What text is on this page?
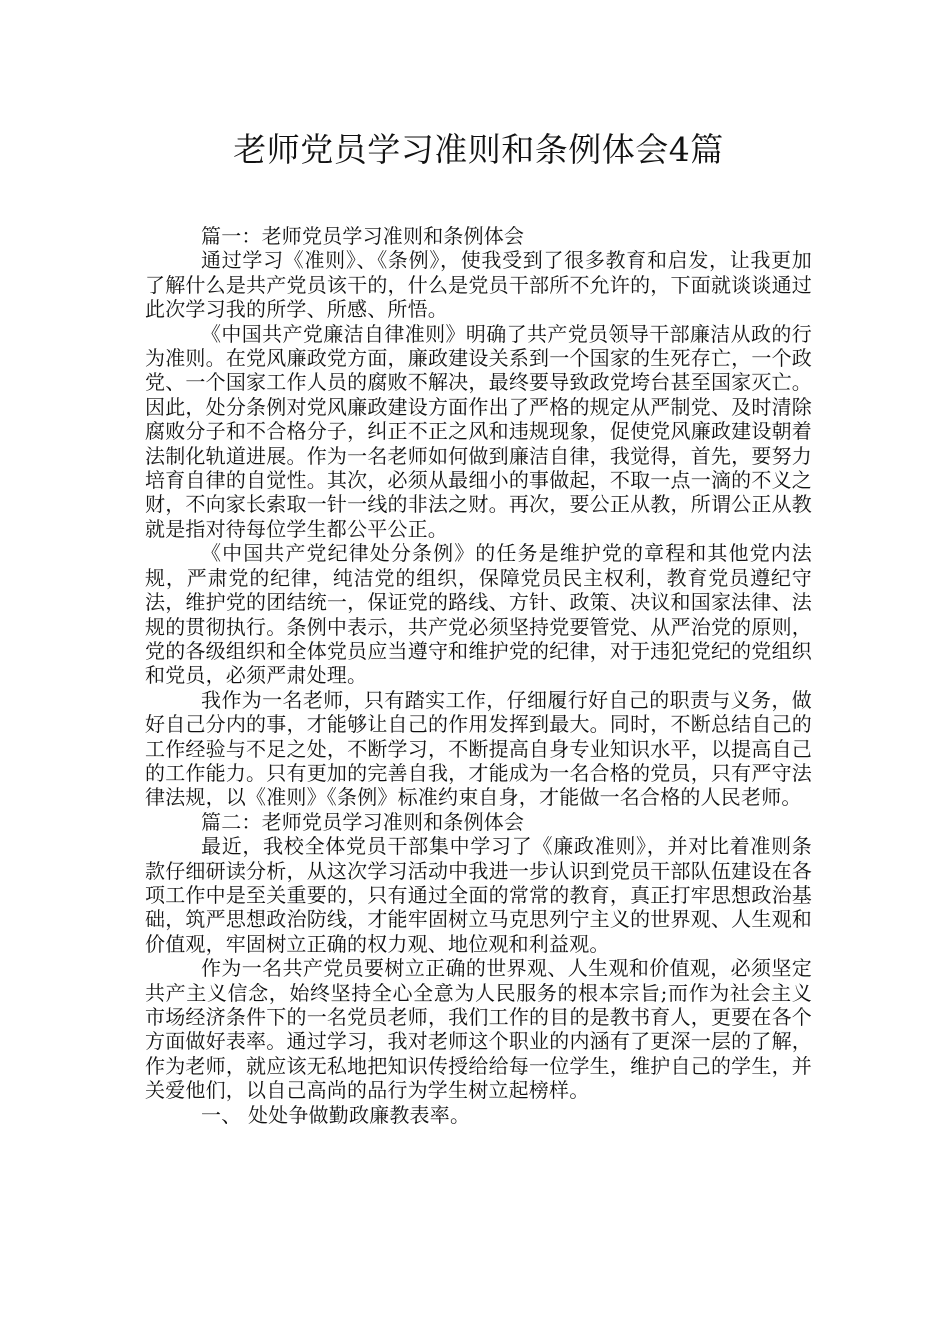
老师党员学习准则和条例体会4篇

篇一：老师党员学习准则和条例体会

通过学习《准则》、《条例》，使我受到了很多教育和启发，让我更加了解什么是共产党员该干的，什么是党员干部所不允许的，下面就谈谈通过此次学习我的所学、所感、所悟。

《中国共产党廉洁自律准则》明确了共产党员领导干部廉洁从政的行为准则。在党风廉政党方面，廉政建设关系到一个国家的生死存亡，一个政党、一个国家工作人员的腐败不解决，最终要导致政党垮台甚至国家灭亡。因此，处分条例对党风廉政建设方面作出了严格的规定从严制党、及时清除腐败分子和不合格分子，纠正不正之风和违规现象，促使党风廉政建设朝着法制化轨道进展。作为一名老师如何做到廉洁自律，我觉得，首先，要努力培育自律的自觉性。其次，必须从最细小的事做起，不取一点一滴的不义之财，不向家长索取一针一线的非法之财。再次，要公正从教，所谓公正从教就是指对待每位学生都公平公正。

《中国共产党纪律处分条例》的任务是维护党的章程和其他党内法规，严肃党的纪律，纯洁党的组织，保障党员民主权利，教育党员遵纪守法，维护党的团结统一，保证党的路线、方针、政策、决议和国家法律、法规的贯彻执行。条例中表示，共产党必须坚持党要管党、从严治党的原则，党的各级组织和全体党员应当遵守和维护党的纪律，对于违犯党纪的党组织和党员，必须严肃处理。

我作为一名老师，只有踏实工作，仔细履行好自己的职责与义务，做好自己分内的事，才能够让自己的作用发挥到最大。同时，不断总结自己的工作经验与不足之处，不断学习，不断提高自身专业知识水平，以提高自己的工作能力。只有更加的完善自我，才能成为一名合格的党员，只有严守法律法规，以《准则》《条例》标准约束自身，才能做一名合格的人民老师。

篇二：老师党员学习准则和条例体会

最近，我校全体党员干部集中学习了《廉政准则》，并对比着准则条款仔细研读分析，从这次学习活动中我进一步认识到党员干部队伍建设在各项工作中是至关重要的，只有通过全面的常常的教育，真正打牢思想政治基础，筑严思想政治防线，才能牢固树立马克思列宁主义的世界观、人生观和价值观，牢固树立正确的权力观、地位观和利益观。

作为一名共产党员要树立正确的世界观、人生观和价值观，必须坚定共产主义信念，始终坚持全心全意为人民服务的根本宗旨;而作为社会主义市场经济条件下的一名党员老师，我们工作的目的是教书育人，更要在各个方面做好表率。通过学习，我对老师这个职业的内涵有了更深一层的了解，作为老师，就应该无私地把知识传授给给每一位学生，维护自己的学生，并关爱他们，以自己高尚的品行为学生树立起榜样。

一、 处处争做勤政廉教表率。
